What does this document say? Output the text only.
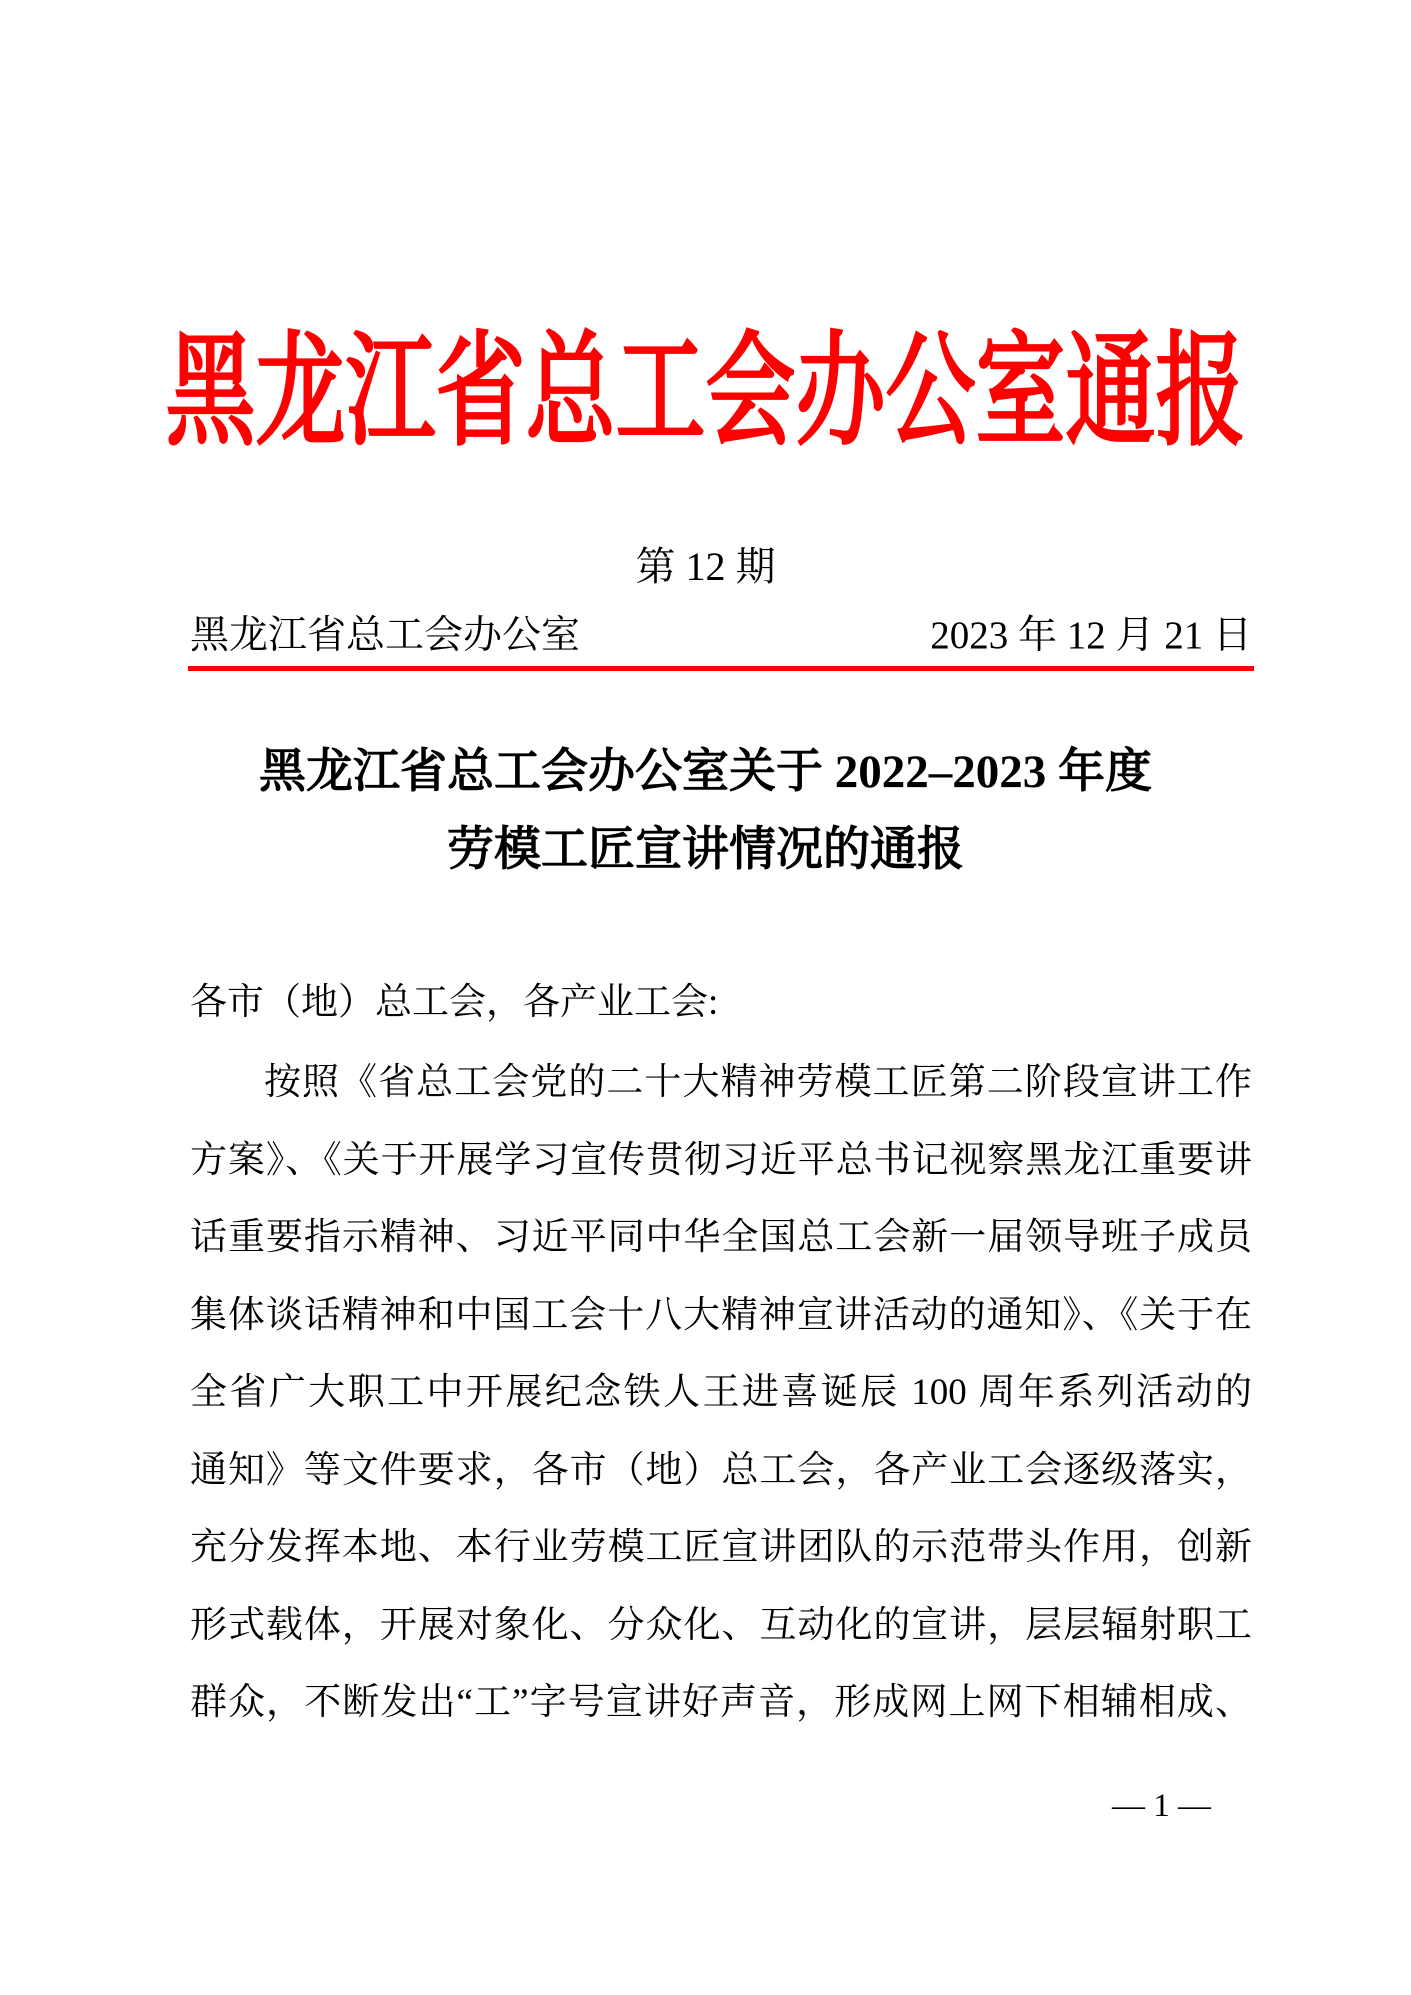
黑龙江省总工会办公室通报
第 12 期
黑龙江省总工会办公室	2023 年 12 月 21 日
黑龙江省总工会办公室关于 2022–2023 年度
劳模工匠宣讲情况的通报
各市（地）总工会，各产业工会:
按照《省总工会党的二十大精神劳模工匠第二阶段宣讲工作
方案》、《关于开展学习宣传贯彻习近平总书记视察黑龙江重要讲
话重要指示精神、习近平同中华全国总工会新一届领导班子成员
集体谈话精神和中国工会十八大精神宣讲活动的通知》、《关于在
全省广大职工中开展纪念铁人王进喜诞辰 100 周年系列活动的
通知》等文件要求，各市（地）总工会，各产业工会逐级落实，
充分发挥本地、本行业劳模工匠宣讲团队的示范带头作用，创新
形式载体，开展对象化、分众化、互动化的宣讲，层层辐射职工
群众，不断发出“工”字号宣讲好声音，形成网上网下相辅相成、
— 1 —
